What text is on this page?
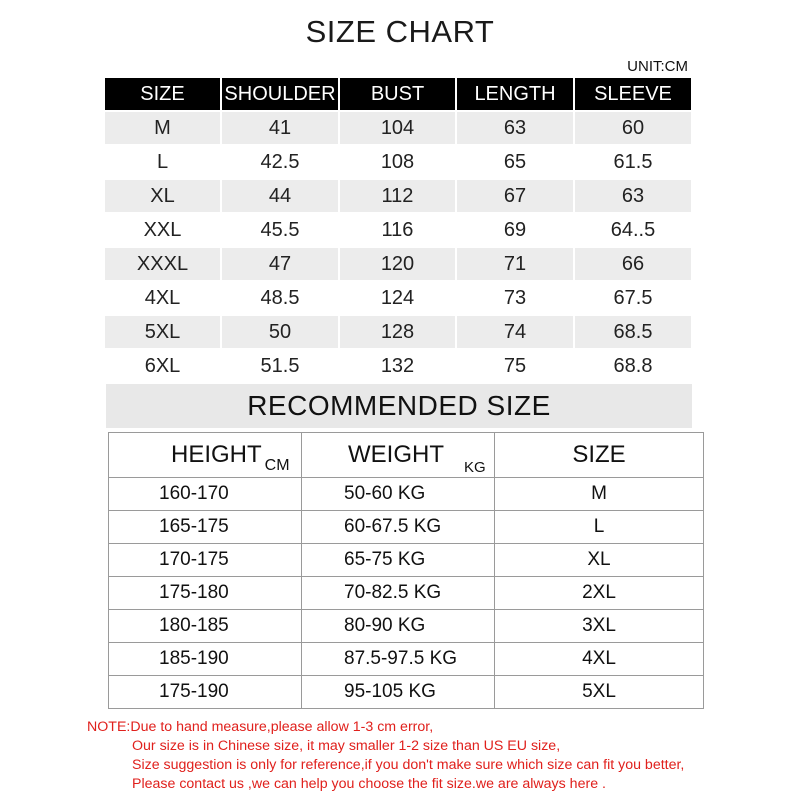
SIZE CHART
UNIT:CM
SIZE	SHOULDER	BUST	LENGTH	SLEEVE
M	41	104	63	60
L	42.5	108	65	61.5
XL	44	112	67	63
XXL	45.5	116	69	64..5
XXXL	47	120	71	66
4XL	48.5	124	73	67.5
5XL	50	128	74	68.5
6XL	51.5	132	75	68.8
RECOMMENDED SIZE
HEIGHT $_{CM}$	WEIGHT $_{KG}$	SIZE
160-170	50-60 KG	M
165-175	60-67.5 KG	L
170-175	65-75 KG	XL
175-180	70-82.5 KG	2XL
180-185	80-90 KG	3XL
185-190	87.5-97.5 KG	4XL
175-190	95-105 KG	5XL
NOTE:Due to hand measure,please allow 1-3 cm error,
Our size is in Chinese size, it may smaller 1-2 size than US EU size,
Size suggestion is only for reference,if you don't make sure which size can fit you better,
Please contact us ,we can help you choose the fit size.we are always here .
